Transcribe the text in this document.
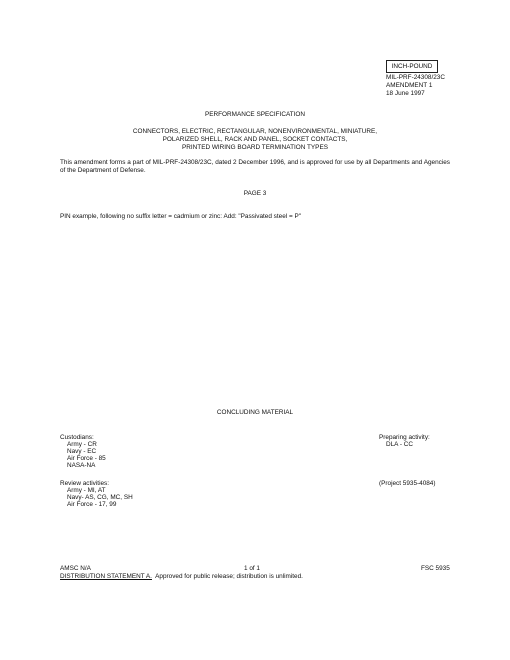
INCH-POUND
MIL-PRF-24308/23C
AMENDMENT 1
18 June 1997
PERFORMANCE SPECIFICATION
CONNECTORS, ELECTRIC, RECTANGULAR, NONENVIRONMENTAL, MINIATURE,
POLARIZED SHELL, RACK AND PANEL, SOCKET CONTACTS,
PRINTED WIRING BOARD TERMINATION TYPES
This amendment forms a part of MIL-PRF-24308/23C, dated 2 December 1996, and is approved for use by all Departments and Agencies of the Department of Defense.
PAGE 3
PIN example, following no suffix letter = cadmium or zinc: Add: "Passivated steel = P"
CONCLUDING MATERIAL
Custodians:
Army - CR
Navy - EC
Air Force - 85
NASA-NA
Preparing activity:
DLA - CC
Review activities:
Army - MI, AT
Navy- AS, CG, MC, SH
Air Force - 17, 99
(Project 5935-4084)
AMSC N/A	1 of 1	FSC 5935
DISTRIBUTION STATEMENT A.  Approved for public release; distribution is unlimited.
